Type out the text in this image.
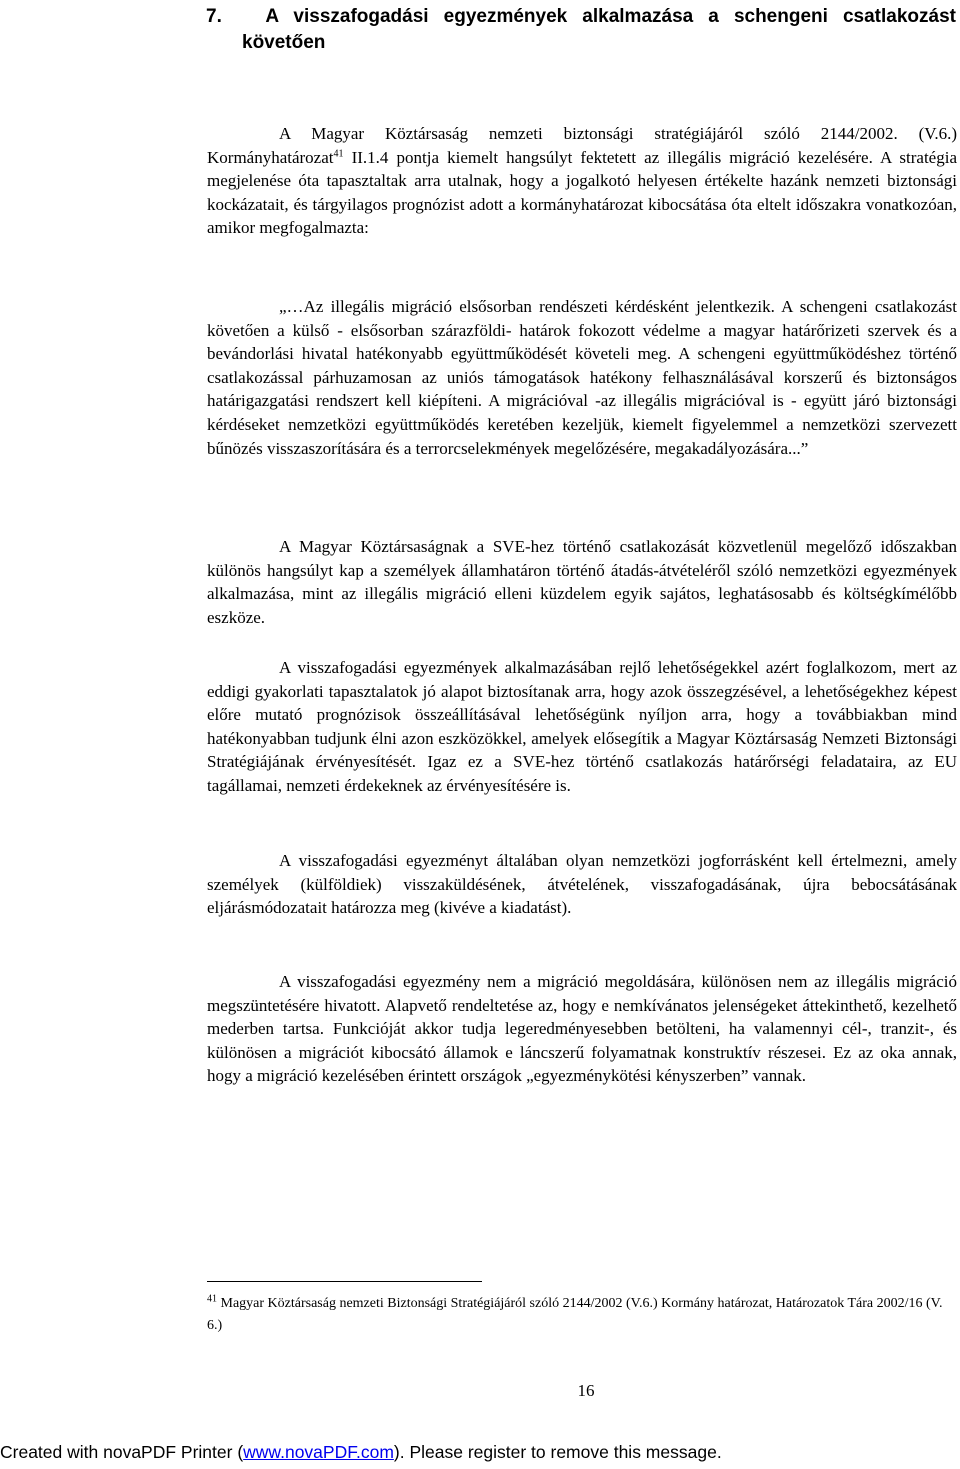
7. A visszafogadási egyezmények alkalmazása a schengeni csatlakozást
követően
A Magyar Köztársaság nemzeti biztonsági stratégiájáról szóló 2144/2002. (V.6.) Kormányhatározat$^{41}$ II.1.4 pontja kiemelt hangsúlyt fektetett az illegális migráció kezelésére. A stratégia megjelenése óta tapasztaltak arra utalnak, hogy a jogalkotó helyesen értékelte hazánk nemzeti biztonsági kockázatait, és tárgyilagos prognózist adott a kormányhatározat kibocsátása óta eltelt időszakra vonatkozóan, amikor megfogalmazta:
„…Az illegális migráció elsősorban rendészeti kérdésként jelentkezik. A schengeni csatlakozást követően a külső - elsősorban szárazföldi- határok fokozott védelme a magyar határőrizeti szervek és a bevándorlási hivatal hatékonyabb együttműködését követeli meg. A schengeni együttműködéshez történő csatlakozással párhuzamosan az uniós támogatások hatékony felhasználásával korszerű és biztonságos határigazgatási rendszert kell kiépíteni. A migrációval -az illegális migrációval is - együtt járó biztonsági kérdéseket nemzetközi együttműködés keretében kezeljük, kiemelt figyelemmel a nemzetközi szervezett bűnözés visszaszorítására és a terrorcselekmények megelőzésére, megakadályozására...”
A Magyar Köztársaságnak a SVE-hez történő csatlakozását közvetlenül megelőző időszakban különös hangsúlyt kap a személyek államhatáron történő átadás-átvételéről szóló nemzetközi egyezmények alkalmazása, mint az illegális migráció elleni küzdelem egyik sajátos, leghatásosabb és költségkímélőbb eszköze.
A visszafogadási egyezmények alkalmazásában rejlő lehetőségekkel azért foglalkozom, mert az eddigi gyakorlati tapasztalatok jó alapot biztosítanak arra, hogy azok összegzésével, a lehetőségekhez képest előre mutató prognózisok összeállításával lehetőségünk nyíljon arra, hogy a továbbiakban mind hatékonyabban tudjunk élni azon eszközökkel, amelyek elősegítik a Magyar Köztársaság Nemzeti Biztonsági Stratégiájának érvényesítését. Igaz ez a SVE-hez történő csatlakozás határőrségi feladataira, az EU tagállamai, nemzeti érdekeknek az érvényesítésére is.
A visszafogadási egyezményt általában olyan nemzetközi jogforrásként kell értelmezni, amely személyek (külföldiek) visszaküldésének, átvételének, visszafogadásának, újra bebocsátásának eljárásmódozatait határozza meg (kivéve a kiadatást).
A visszafogadási egyezmény nem a migráció megoldására, különösen nem az illegális migráció megszüntetésére hivatott. Alapvető rendeltetése az, hogy e nemkívánatos jelenségeket áttekinthető, kezelhető mederben tartsa. Funkcióját akkor tudja legeredményesebben betölteni, ha valamennyi cél-, tranzit-, és különösen a migrációt kibocsátó államok e láncszerű folyamatnak konstruktív részesei. Ez az oka annak, hogy a migráció kezelésében érintett országok „egyezménykötési kényszerben” vannak.
$^{41}$ Magyar Köztársaság nemzeti Biztonsági Stratégiájáról szóló 2144/2002 (V.6.) Kormány határozat, Határozatok Tára 2002/16 (V. 6.)
16
Created with novaPDF Printer (www.novaPDF.com). Please register to remove this message.
